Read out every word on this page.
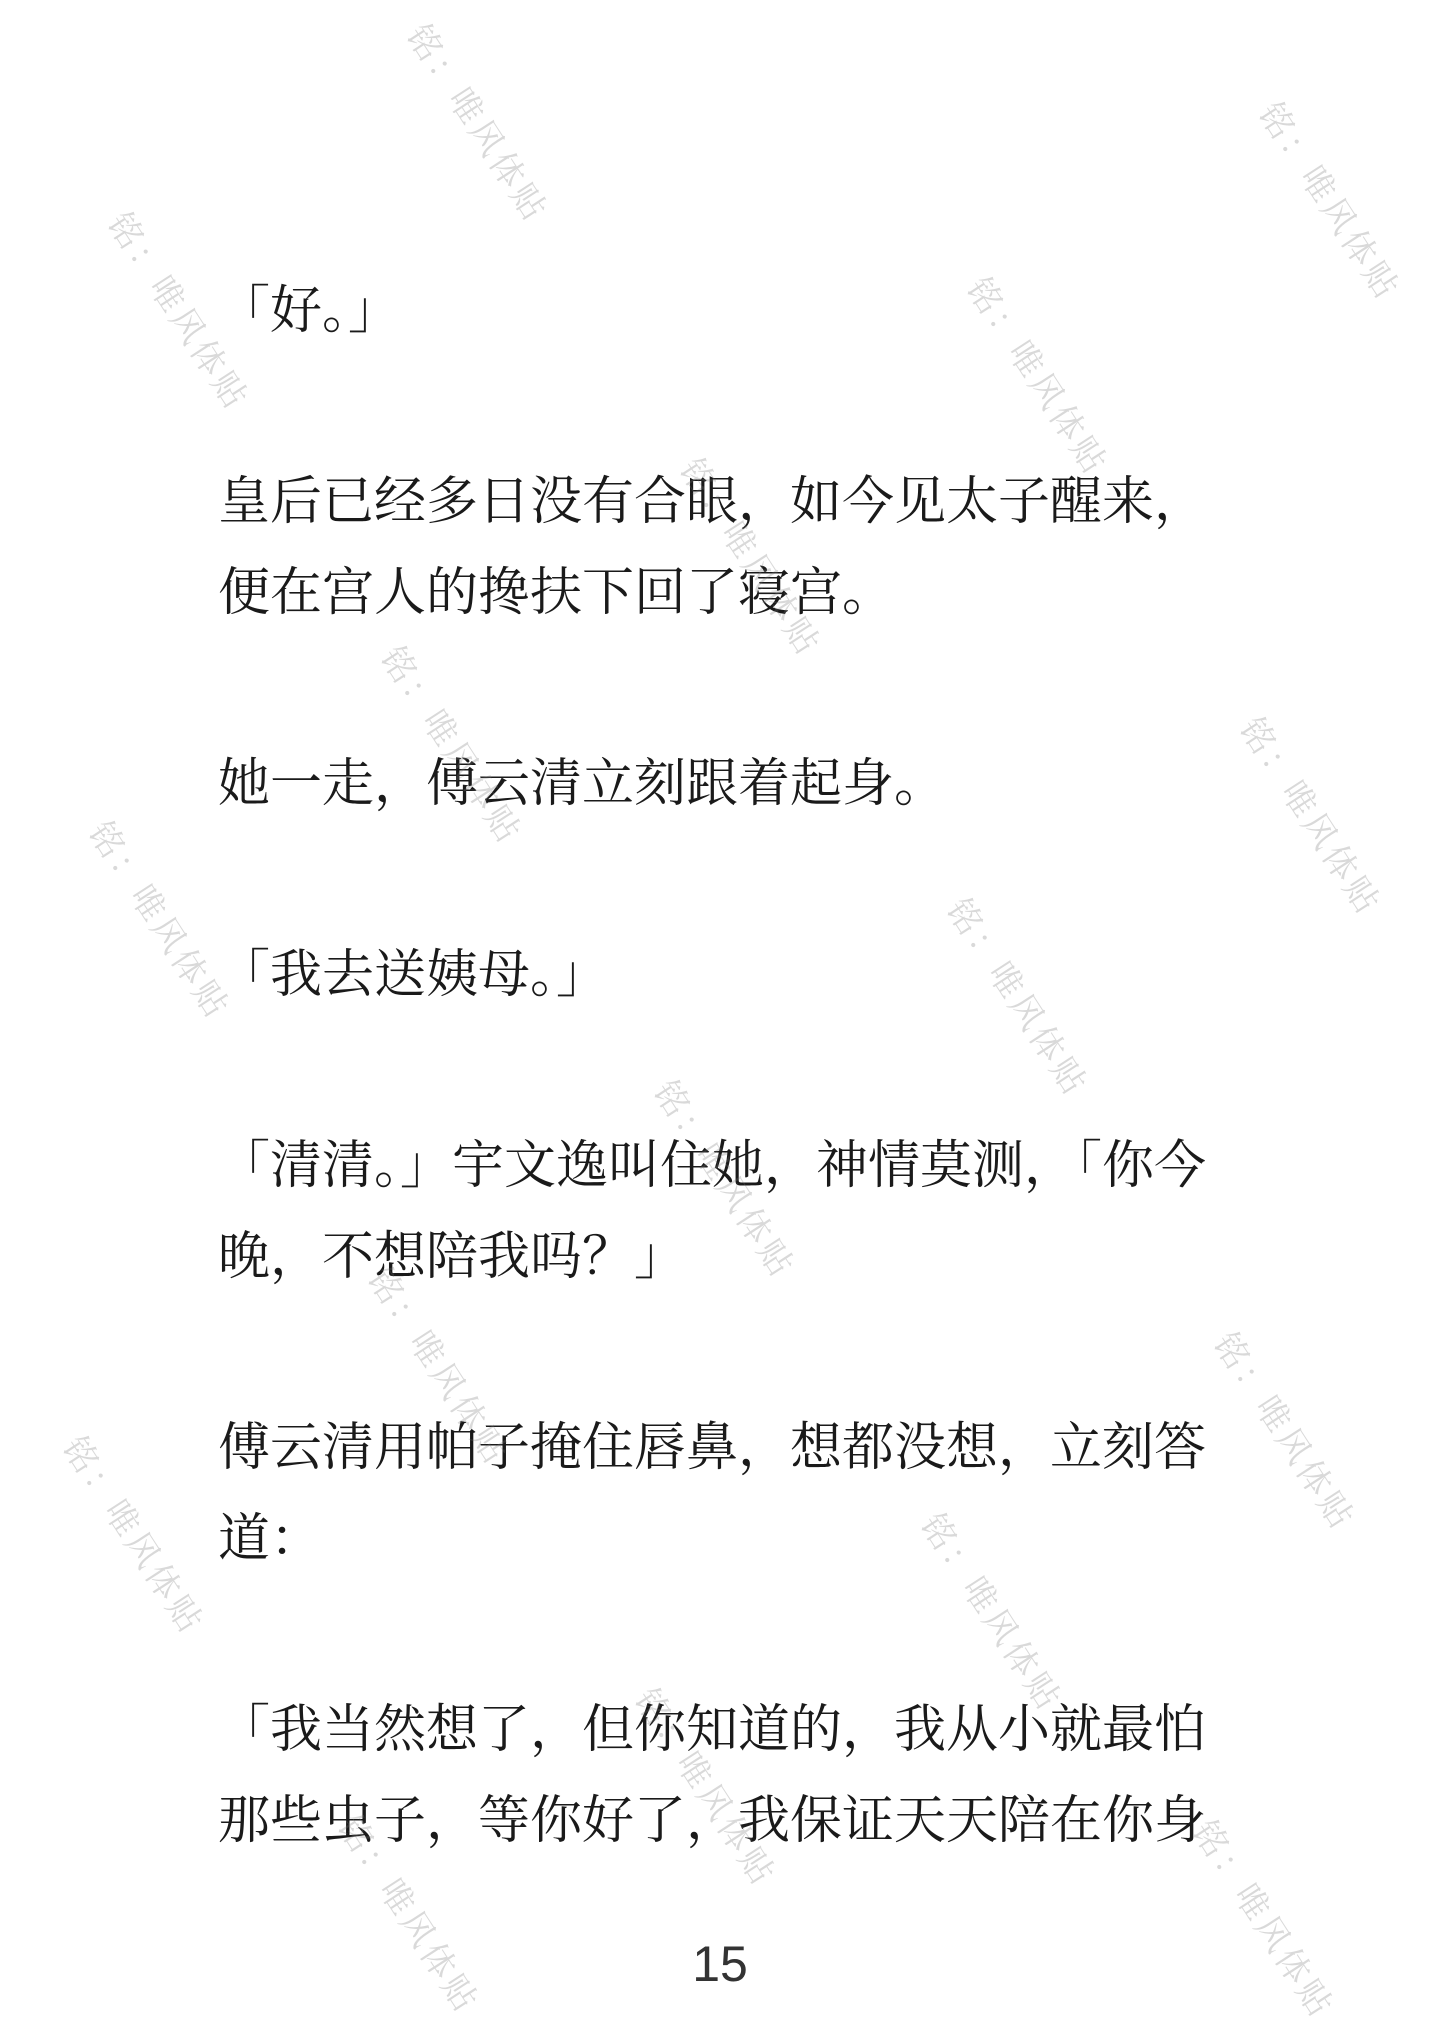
「好。」
皇后已经多日没有合眼，如今见太子醒来，
便在宫人的搀扶下回了寝宫。
她一走，傅云清立刻跟着起身。
「我去送姨母。」
「清清。」宇文逸叫住她，神情莫测，「你今
晚，不想陪我吗？」
傅云清用帕子掩住唇鼻，想都没想，立刻答
道：
「我当然想了，但你知道的，我从小就最怕
那些虫子，等你好了，我保证天天陪在你身
15
铭：唯风体贴
铭：唯风体贴
铭：唯风体贴
铭：唯风体贴
铭：唯风体贴
铭：唯风体贴	铭：唯风体贴
铭：唯风体贴	铭：唯风体贴
铭：唯风体贴
铭：唯风体贴	铭：唯风体贴
铭：唯风体贴	铭：唯风体贴
铭：唯风体贴
铭：唯风体贴	铭：唯风体贴
